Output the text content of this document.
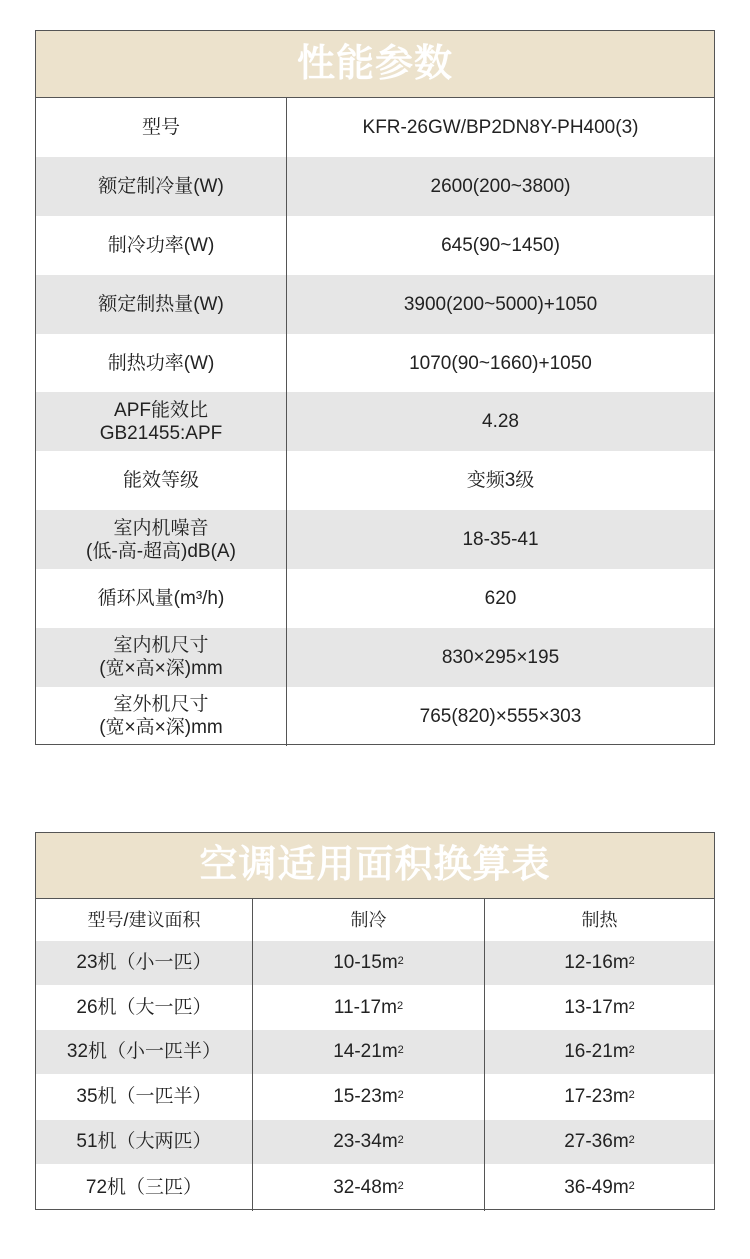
性能参数
型号	KFR-26GW/BP2DN8Y-PH400(3)
额定制冷量(W)	2600(200~3800)
制冷功率(W)	645(90~1450)
额定制热量(W)	3900(200~5000)+1050
制热功率(W)	1070(90~1660)+1050

APF能效比
GB21455:APF	4.28
能效等级	变频3级

室内机噪音
(低-高-超高)dB(A)	18-35-41
循环风量(m³/h)	620

室内机尺寸
(宽×高×深)mm	830×295×195

室外机尺寸
(宽×高×深)mm	765(820)×555×303
空调适用面积换算表
型号/建议面积	制冷	制热
23机（小一匹）	$10-15m^2$	$12-16m^2$
26机（大一匹）	$11-17m^2$	$13-17m^2$
32机（小一匹半）	$14-21m^2$	$16-21m^2$
35机（一匹半）	$15-23m^2$	$17-23m^2$
51机（大两匹）	$23-34m^2$	$27-36m^2$
72机（三匹）	$32-48m^2$	$36-49m^2$
